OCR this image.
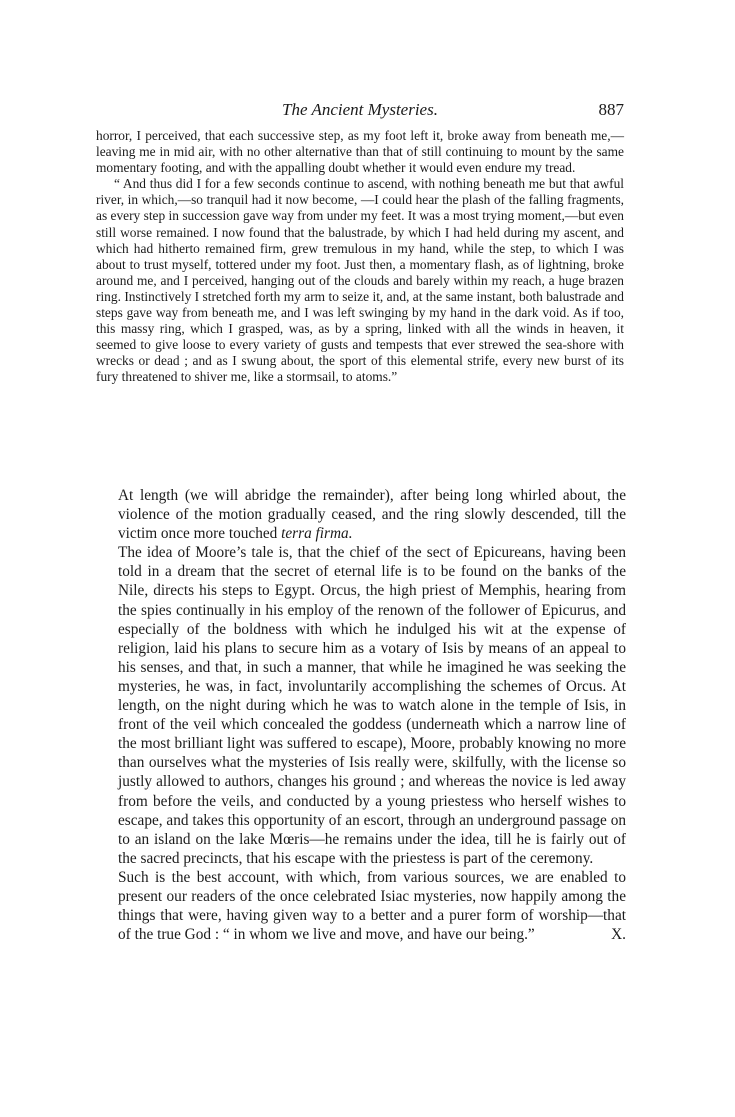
The Ancient Mysteries.	887

horror, I perceived, that each successive step, as my foot left it, broke away from beneath me,—leaving me in mid air, with no other alternative than that of still continuing to mount by the same momentary footing, and with the appalling doubt whether it would even endure my tread.

“ And thus did I for a few seconds continue to ascend, with nothing beneath me but that awful river, in which,—so tranquil had it now become, —I could hear the plash of the falling fragments, as every step in succession gave way from under my feet. It was a most trying moment,—but even still worse remained. I now found that the balustrade, by which I had held during my ascent, and which had hitherto remained firm, grew tremulous in my hand, while the step, to which I was about to trust myself, tottered under my foot. Just then, a momentary flash, as of lightning, broke around me, and I perceived, hanging out of the clouds and barely within my reach, a huge brazen ring. Instinctively I stretched forth my arm to seize it, and, at the same instant, both balustrade and steps gave way from beneath me, and I was left swinging by my hand in the dark void. As if too, this massy ring, which I grasped, was, as by a spring, linked with all the winds in heaven, it seemed to give loose to every variety of gusts and tempests that ever strewed the sea-shore with wrecks or dead ; and as I swung about, the sport of this elemental strife, every new burst of its fury threatened to shiver me, like a stormsail, to atoms.”

At length (we will abridge the remainder), after being long whirled about, the violence of the motion gradually ceased, and the ring slowly descended, till the victim once more touched terra firma.

The idea of Moore’s tale is, that the chief of the sect of Epicureans, having been told in a dream that the secret of eternal life is to be found on the banks of the Nile, directs his steps to Egypt. Orcus, the high priest of Memphis, hearing from the spies continually in his employ of the renown of the follower of Epicurus, and especially of the boldness with which he indulged his wit at the expense of religion, laid his plans to secure him as a votary of Isis by means of an appeal to his senses, and that, in such a manner, that while he imagined he was seeking the mysteries, he was, in fact, involuntarily accomplishing the schemes of Orcus. At length, on the night during which he was to watch alone in the temple of Isis, in front of the veil which concealed the goddess (underneath which a narrow line of the most brilliant light was suffered to escape), Moore, probably knowing no more than ourselves what the mysteries of Isis really were, skilfully, with the license so justly allowed to authors, changes his ground ; and whereas the novice is led away from before the veils, and conducted by a young priestess who herself wishes to escape, and takes this opportunity of an escort, through an underground passage on to an island on the lake Mœris—he remains under the idea, till he is fairly out of the sacred precincts, that his escape with the priestess is part of the ceremony.

Such is the best account, with which, from various sources, we are enabled to present our readers of the once celebrated Isiac mysteries, now happily among the things that were, having given way to a better and a purer form of worship—that of the true God : “ in whom we live and move, and have our being.”	X.
